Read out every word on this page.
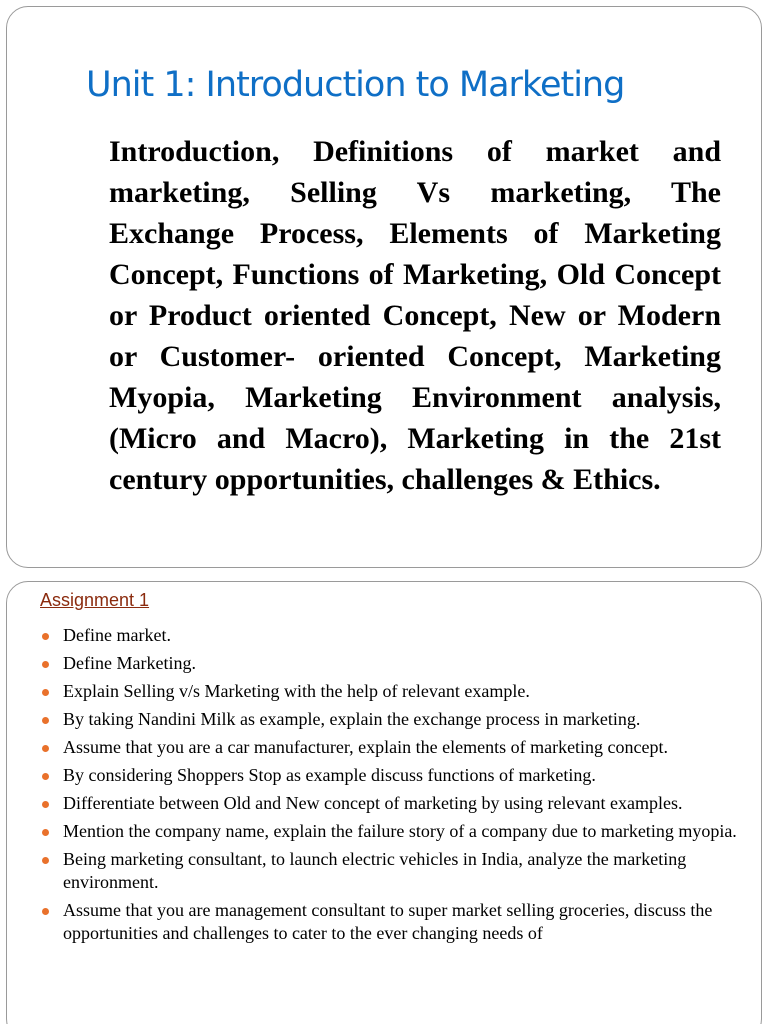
Unit 1: Introduction to Marketing

Introduction, Definitions of market and marketing, Selling Vs marketing, The Exchange Process, Elements of Marketing Concept, Functions of Marketing, Old Concept or Product oriented Concept, New or Modern or Customer- oriented Concept, Marketing Myopia, Marketing Environment analysis, (Micro and Macro), Marketing in the 21st century opportunities, challenges & Ethics.

Assignment 1
Define market.
Define Marketing.
Explain Selling v/s Marketing with the help of relevant example.
By taking Nandini Milk as example, explain the exchange process in marketing.
Assume that you are a car manufacturer, explain the elements of marketing concept.
By considering Shoppers Stop as example discuss functions of marketing.
Differentiate between Old and New concept of marketing by using relevant examples.
Mention the company name, explain the failure story of a company due to marketing myopia.
Being marketing consultant, to launch electric vehicles in India, analyze the marketing environment.
Assume that you are management consultant to super market selling groceries, discuss the opportunities and challenges to cater to the ever changing needs of
